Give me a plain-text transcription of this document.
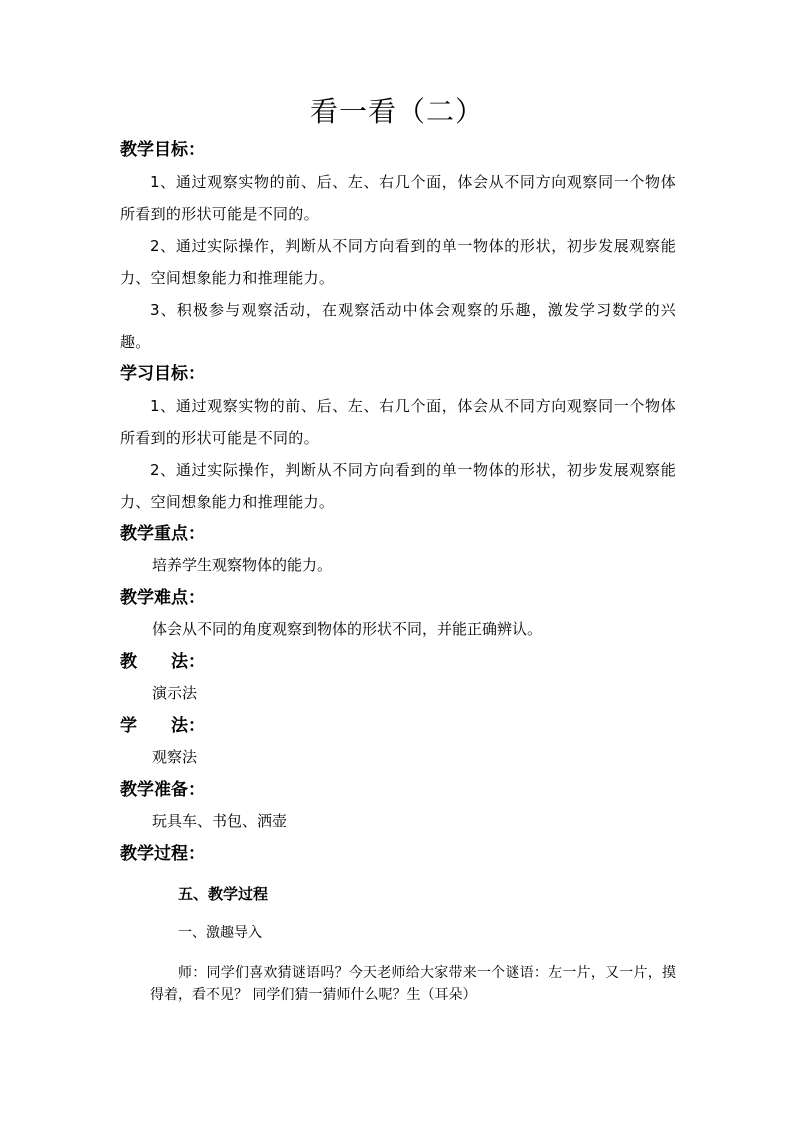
看一看（二）
教学目标：
1、通过观察实物的前、后、左、右几个面，体会从不同方向观察同一个物体所看到的形状可能是不同的。
2、通过实际操作，判断从不同方向看到的单一物体的形状，初步发展观察能力、空间想象能力和推理能力。
3、积极参与观察活动，在观察活动中体会观察的乐趣，激发学习数学的兴趣。
学习目标：
1、通过观察实物的前、后、左、右几个面，体会从不同方向观察同一个物体所看到的形状可能是不同的。
2、通过实际操作，判断从不同方向看到的单一物体的形状，初步发展观察能力、空间想象能力和推理能力。
教学重点：
培养学生观察物体的能力。
教学难点：
体会从不同的角度观察到物体的形状不同，并能正确辨认。
教　　法：
演示法
学　　法：
观察法
教学准备：
玩具车、书包、洒壶
教学过程：
五、教学过程
一、激趣导入
师：同学们喜欢猜谜语吗？今天老师给大家带来一个谜语：左一片，又一片，摸得着，看不见？ 同学们猜一猜师什么呢？生（耳朵）
